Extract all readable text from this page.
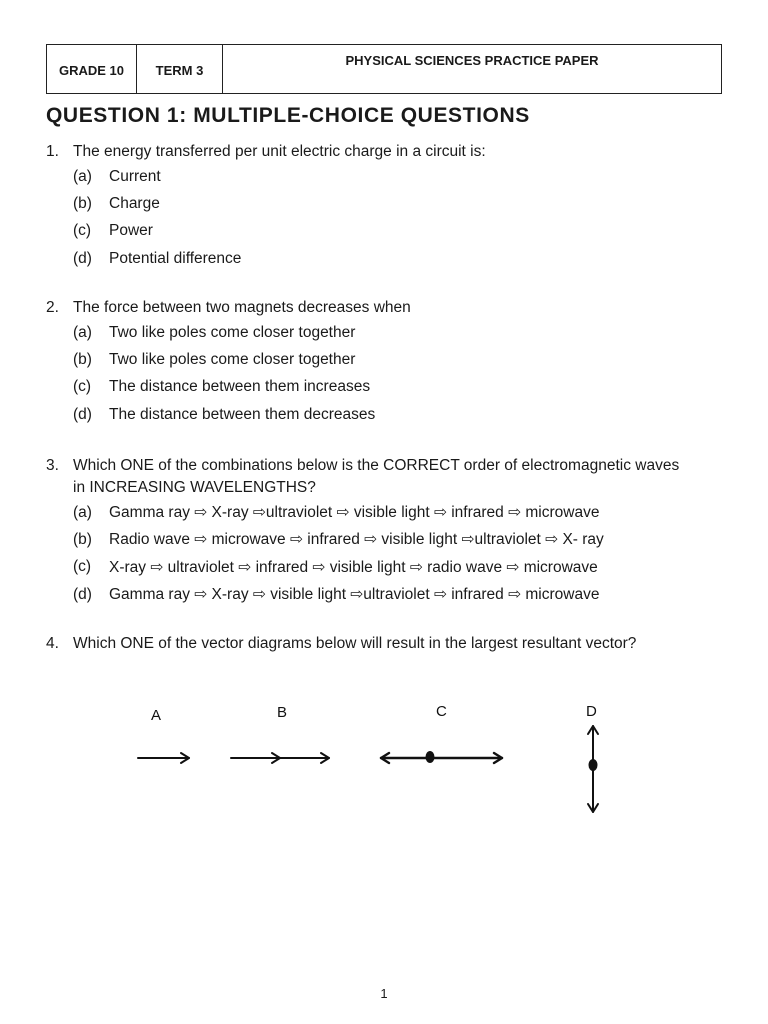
GRADE 10	TERM 3
PHYSICAL SCIENCES PRACTICE PAPER
QUESTION 1: MULTIPLE-CHOICE QUESTIONS
1. The energy transferred per unit electric charge in a circuit is:
(a)	Current
(b)	Charge
(c)	Power
(d)	Potential difference
2. The force between two magnets decreases when
(a)	Two like poles come closer together
(b)	Two like poles come closer together
(c)	The distance between them increases
(d)	The distance between them decreases
3. Which ONE of the combinations below is the CORRECT order of electromagnetic waves in INCREASING WAVELENGTHS?
(a)	Gamma ray ⇨ X-ray ⇨ultraviolet ⇨ visible light ⇨ infrared ⇨ microwave
(b)	Radio wave ⇨ microwave ⇨ infrared ⇨ visible light ⇨ultraviolet ⇨ X- ray
(c)	X-ray ⇨ ultraviolet ⇨ infrared ⇨ visible light ⇨ radio wave ⇨ microwave
(d)	Gamma ray ⇨ X-ray ⇨ visible light ⇨ultraviolet ⇨ infrared ⇨ microwave
4. Which ONE of the vector diagrams below will result in the largest resultant vector?
A	B	C	D
1
